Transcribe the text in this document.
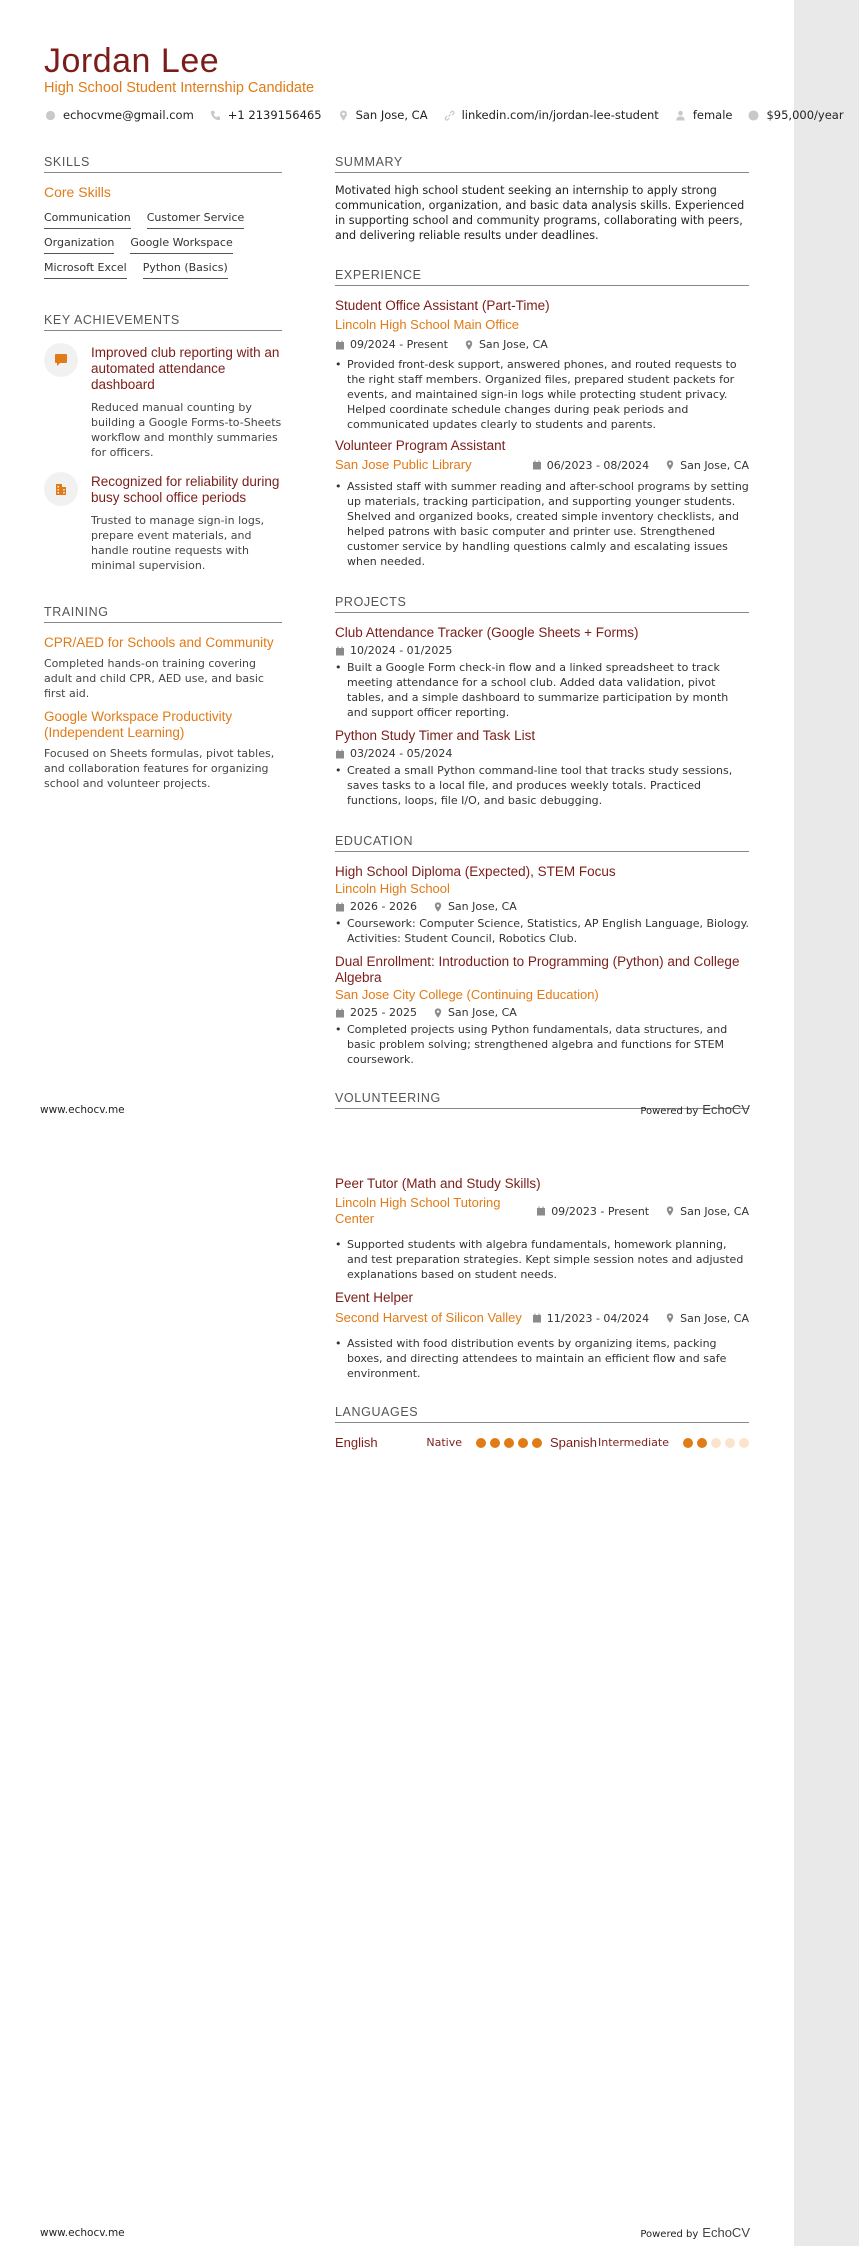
Jordan Lee
High School Student Internship Candidate
echocvme@gmail.com	+1 2139156465	San Jose, CA	linkedin.com/in/jordan-lee-student	female	$95,000/year
SKILLS
Core Skills
Communication Customer Service
Organization Google Workspace
Microsoft Excel Python (Basics)
KEY ACHIEVEMENTS
Improved club reporting with an automated attendance dashboard
Reduced manual counting by building a Google Forms-to-Sheets workflow and monthly summaries for officers.
Recognized for reliability during busy school office periods
Trusted to manage sign-in logs, prepare event materials, and handle routine requests with minimal supervision.
TRAINING
CPR/AED for Schools and Community
Completed hands-on training covering adult and child CPR, AED use, and basic first aid.
Google Workspace Productivity (Independent Learning)
Focused on Sheets formulas, pivot tables, and collaboration features for organizing school and volunteer projects.
SUMMARY
Motivated high school student seeking an internship to apply strong communication, organization, and basic data analysis skills. Experienced in supporting school and community programs, collaborating with peers, and delivering reliable results under deadlines.
EXPERIENCE
Student Office Assistant (Part-Time)
Lincoln High School Main Office
09/2024 - Present	San Jose, CA
• Provided front-desk support, answered phones, and routed requests to the right staff members. Organized files, prepared student packets for events, and maintained sign-in logs while protecting student privacy. Helped coordinate schedule changes during peak periods and communicated updates clearly to students and parents.
Volunteer Program Assistant
San Jose Public Library	06/2023 - 08/2024	San Jose, CA
• Assisted staff with summer reading and after-school programs by setting up materials, tracking participation, and supporting younger students. Shelved and organized books, created simple inventory checklists, and helped patrons with basic computer and printer use. Strengthened customer service by handling questions calmly and escalating issues when needed.
PROJECTS
Club Attendance Tracker (Google Sheets + Forms)
10/2024 - 01/2025
• Built a Google Form check-in flow and a linked spreadsheet to track meeting attendance for a school club. Added data validation, pivot tables, and a simple dashboard to summarize participation by month and support officer reporting.
Python Study Timer and Task List
03/2024 - 05/2024
• Created a small Python command-line tool that tracks study sessions, saves tasks to a local file, and produces weekly totals. Practiced functions, loops, file I/O, and basic debugging.
EDUCATION
High School Diploma (Expected), STEM Focus
Lincoln High School
2026 - 2026	San Jose, CA
• Coursework: Computer Science, Statistics, AP English Language, Biology. Activities: Student Council, Robotics Club.
Dual Enrollment: Introduction to Programming (Python) and College Algebra
San Jose City College (Continuing Education)
2025 - 2025	San Jose, CA
• Completed projects using Python fundamentals, data structures, and basic problem solving; strengthened algebra and functions for STEM coursework.
VOLUNTEERING
www.echocv.me	Powered by EchoCV
Peer Tutor (Math and Study Skills)
Lincoln High School Tutoring Center	09/2023 - Present	San Jose, CA
• Supported students with algebra fundamentals, homework planning, and test preparation strategies. Kept simple session notes and adjusted explanations based on student needs.
Event Helper
Second Harvest of Silicon Valley	11/2023 - 04/2024	San Jose, CA
• Assisted with food distribution events by organizing items, packing boxes, and directing attendees to maintain an efficient flow and safe environment.
LANGUAGES
English	Native	Spanish Intermediate
www.echocv.me	Powered by EchoCV
